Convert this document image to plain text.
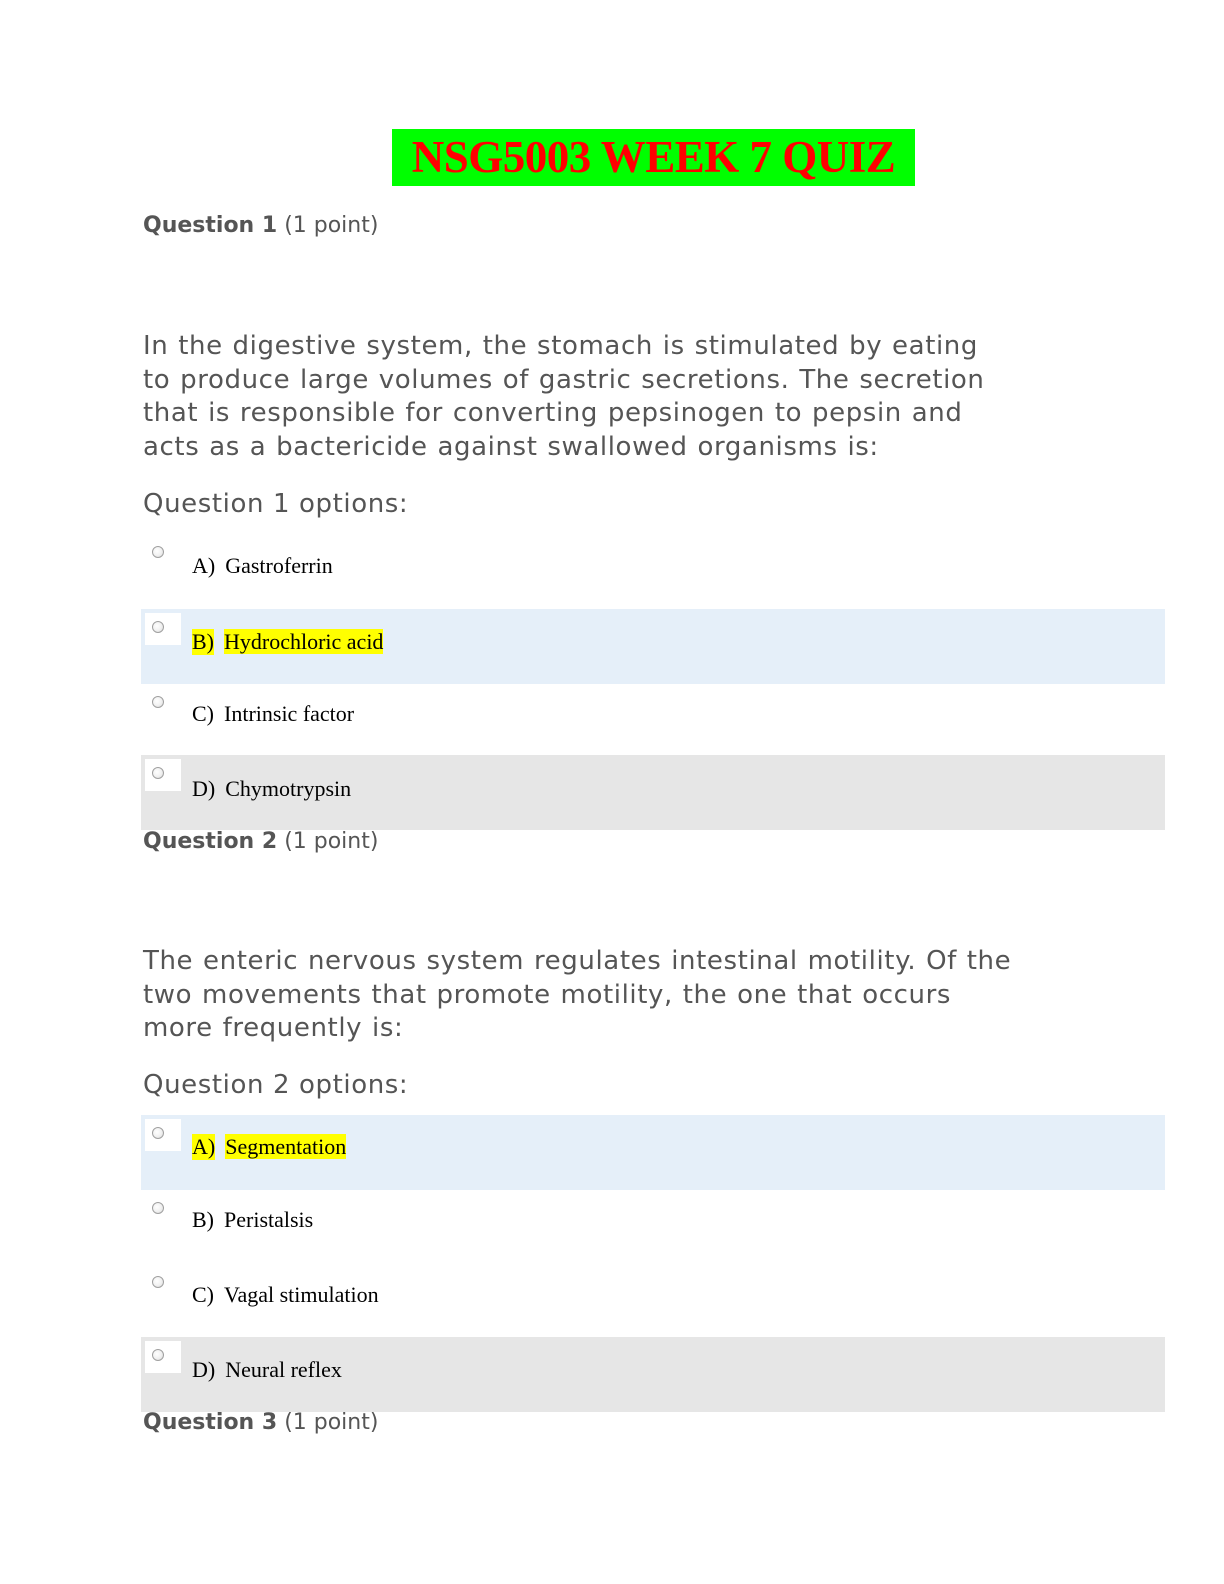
NSG5003 WEEK 7 QUIZ
Question 1 (1 point)
In the digestive system, the stomach is stimulated by eating
to produce large volumes of gastric secretions. The secretion
that is responsible for converting pepsinogen to pepsin and
acts as a bactericide against swallowed organisms is:
Question 1 options:
A) Gastroferrin
B) Hydrochloric acid
C) Intrinsic factor
D) Chymotrypsin
Question 2 (1 point)
The enteric nervous system regulates intestinal motility. Of the
two movements that promote motility, the one that occurs
more frequently is:
Question 2 options:
A) Segmentation
B) Peristalsis
C) Vagal stimulation
D) Neural reflex
Question 3 (1 point)
